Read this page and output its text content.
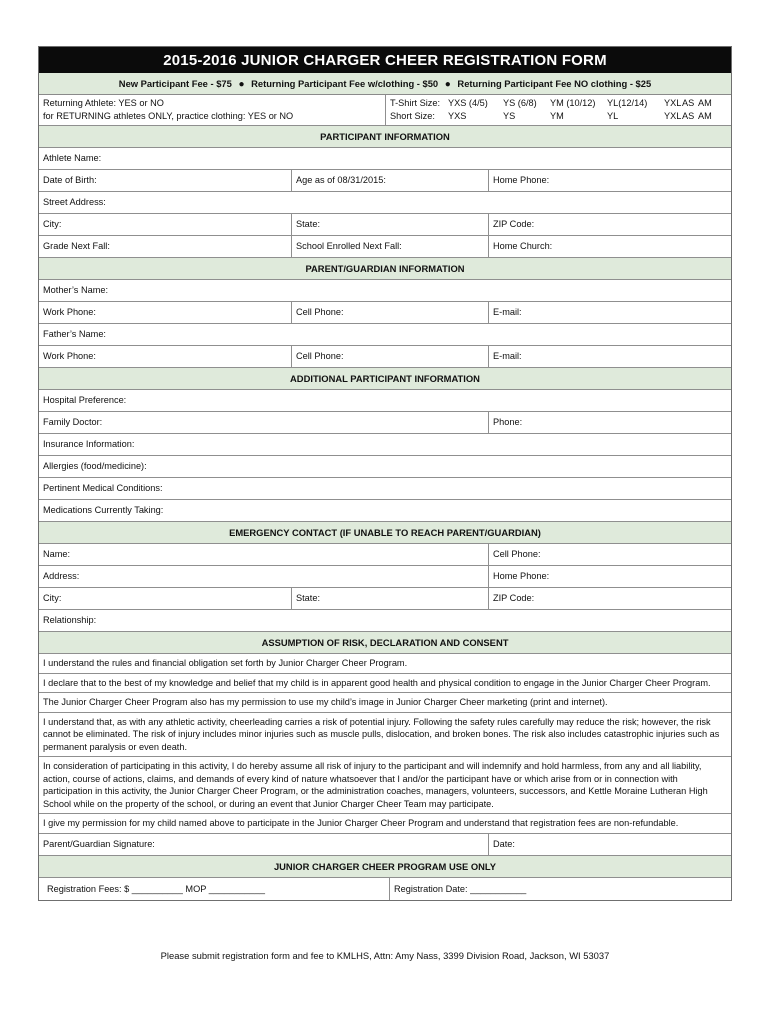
2015-2016 JUNIOR CHARGER CHEER REGISTRATION FORM
New Participant Fee - $75 ● Returning Participant Fee w/clothing - $50 ● Returning Participant Fee NO clothing - $25
Returning Athlete: YES or NO
for RETURNING athletes ONLY, practice clothing: YES or NO
T-Shirt Size: YXS (4/5)	YS (6/8)	YM (10/12)	YL(12/14)	YXL AS AM
Short Size:	YXS	YS	YM	YL	YXL AS AM
PARTICIPANT INFORMATION
Athlete Name:
Date of Birth:	Age as of 08/31/2015:	Home Phone:
Street Address:
City:	State:	ZIP Code:
Grade Next Fall:	School Enrolled Next Fall:	Home Church:
PARENT/GUARDIAN INFORMATION
Mother’s Name:
Work Phone:	Cell Phone:	E-mail:
Father’s Name:
Work Phone:	Cell Phone:	E-mail:
ADDITIONAL PARTICIPANT INFORMATION
Hospital Preference:
Family Doctor:	Phone:
Insurance Information:
Allergies (food/medicine):
Pertinent Medical Conditions:
Medications Currently Taking:
EMERGENCY CONTACT (IF UNABLE TO REACH PARENT/GUARDIAN)
Name:	Cell Phone:
Address:	Home Phone:
City:	State:	ZIP Code:
Relationship:
ASSUMPTION OF RISK, DECLARATION AND CONSENT
I understand the rules and financial obligation set forth by Junior Charger Cheer Program.
I declare that to the best of my knowledge and belief that my child is in apparent good health and physical condition to engage in the Junior Charger Cheer Program.
The Junior Charger Cheer Program also has my permission to use my child’s image in Junior Charger Cheer marketing (print and internet).
I understand that, as with any athletic activity, cheerleading carries a risk of potential injury. Following the safety rules carefully may reduce the risk; however, the risk cannot be eliminated. The risk of injury includes minor injuries such as muscle pulls, dislocation, and broken bones. The risk also includes catastrophic injuries such as permanent paralysis or even death.
In consideration of participating in this activity, I do hereby assume all risk of injury to the participant and will indemnify and hold harmless, from any and all liability, action, course of actions, claims, and demands of every kind of nature whatsoever that I and/or the participant have or which arise from or in connection with participation in this activity, the Junior Charger Cheer Program, or the administration coaches, managers, volunteers, successors, and Kettle Moraine Lutheran High School while on the property of the school, or during an event that Junior Charger Cheer Team may participate.
I give my permission for my child named above to participate in the Junior Charger Cheer Program and understand that registration fees are non-refundable.
Parent/Guardian Signature:	Date:
JUNIOR CHARGER CHEER PROGRAM USE ONLY
Registration Fees: $ __________ MOP ___________	Registration Date: ___________
Please submit registration form and fee to KMLHS, Attn: Amy Nass, 3399 Division Road, Jackson, WI 53037
